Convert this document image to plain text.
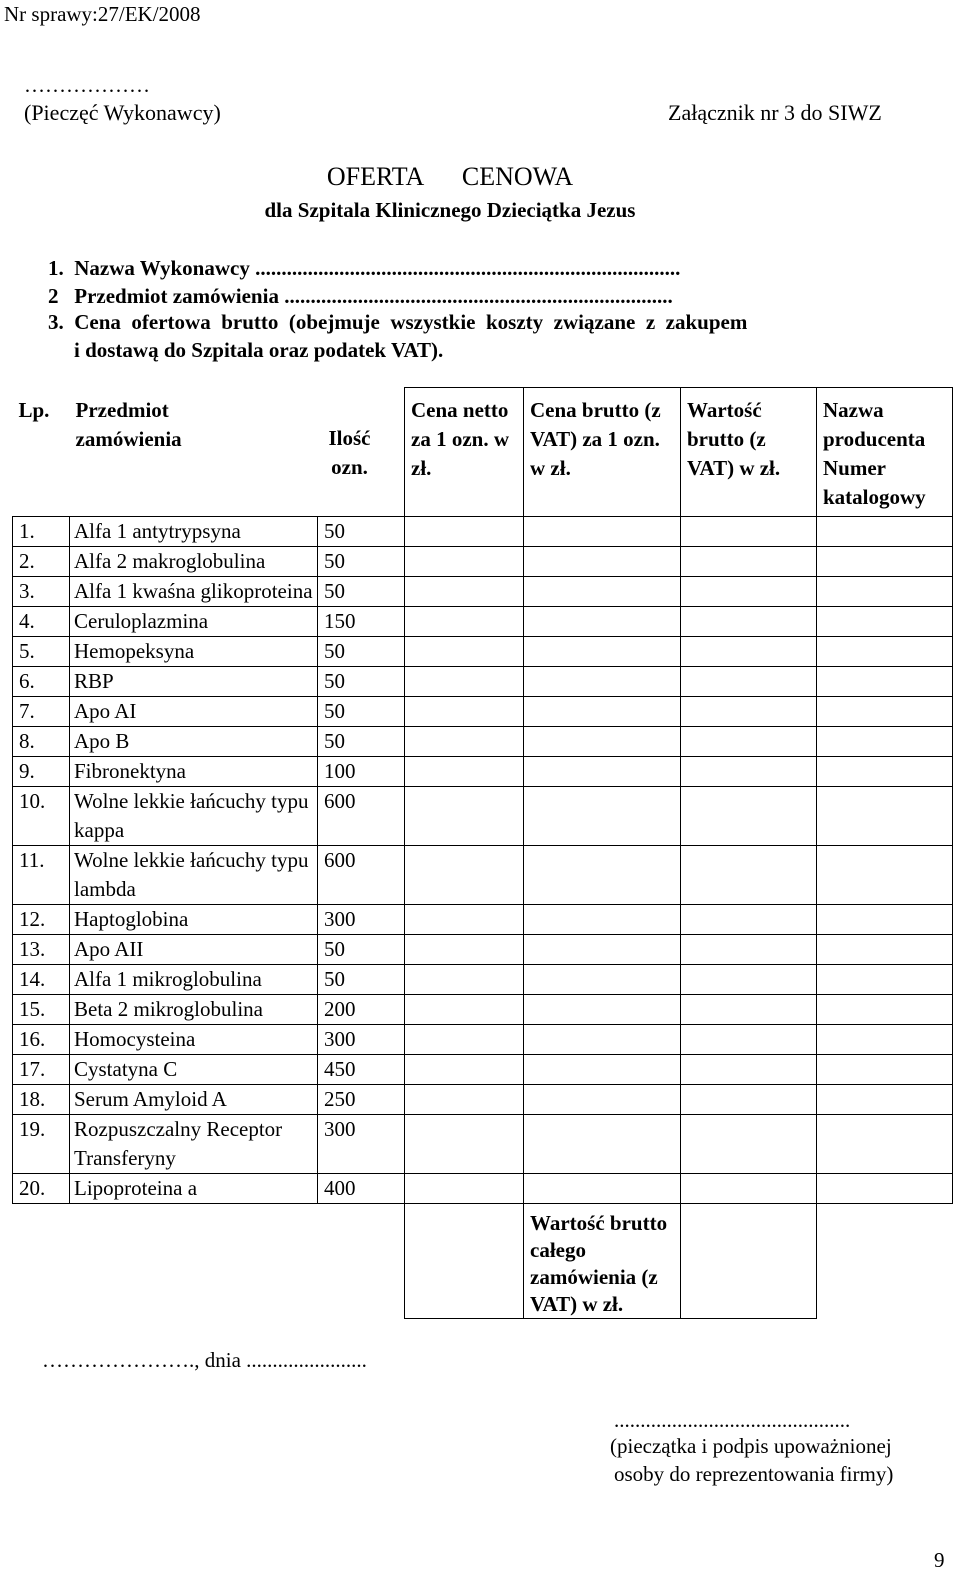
Nr sprawy:27/EK/2008
………………
(Pieczęć Wykonawcy)	Załącznik nr 3 do SIWZ
OFERTA      CENOWA
dla Szpitala Klinicznego Dzieciątka Jezus
1.  Nazwa Wykonawcy .................................................................................
2   Przedmiot zamówienia ..........................................................................
3.  Cena  ofertowa  brutto  (obejmuje  wszystkie  koszty  związane  z  zakupem
i dostawą do Szpitala oraz podatek VAT).
Lp.	Przedmiot zamówienia	Ilość ozn.	Cena netto za 1 ozn. w zł.	Cena brutto (z VAT) za 1 ozn. w zł.	Wartość brutto (z VAT) w zł.	Nazwa producenta Numer katalogowy

1.	Alfa 1 antytrypsyna	50				

2.	Alfa 2 makroglobulina	50				

3.	Alfa 1 kwaśna glikoproteina	50				

4.	Ceruloplazmina	150				

5.	Hemopeksyna	50				

6.	RBP	50				

7.	Apo AI	50				

8.	Apo B	50				

9.	Fibronektyna	100				

10.	Wolne lekkie łańcuchy typu kappa	600				

11.	Wolne lekkie łańcuchy typu lambda	600				

12.	Haptoglobina	300				

13.	Apo AII	50				

14.	Alfa 1 mikroglobulina	50				

15.	Beta 2 mikroglobulina	200				

16.	Homocysteina	300				

17.	Cystatyna C	450				

18.	Serum Amyloid A	250				

19.	Rozpuszczalny Receptor Transferyny	300				

20.	Lipoproteina a	400				

				Wartość brutto całego zamówienia (z VAT) w zł.		

…………………., dnia .......................
.............................................
(pieczątka i podpis upoważnionej
osoby do reprezentowania firmy)
9
